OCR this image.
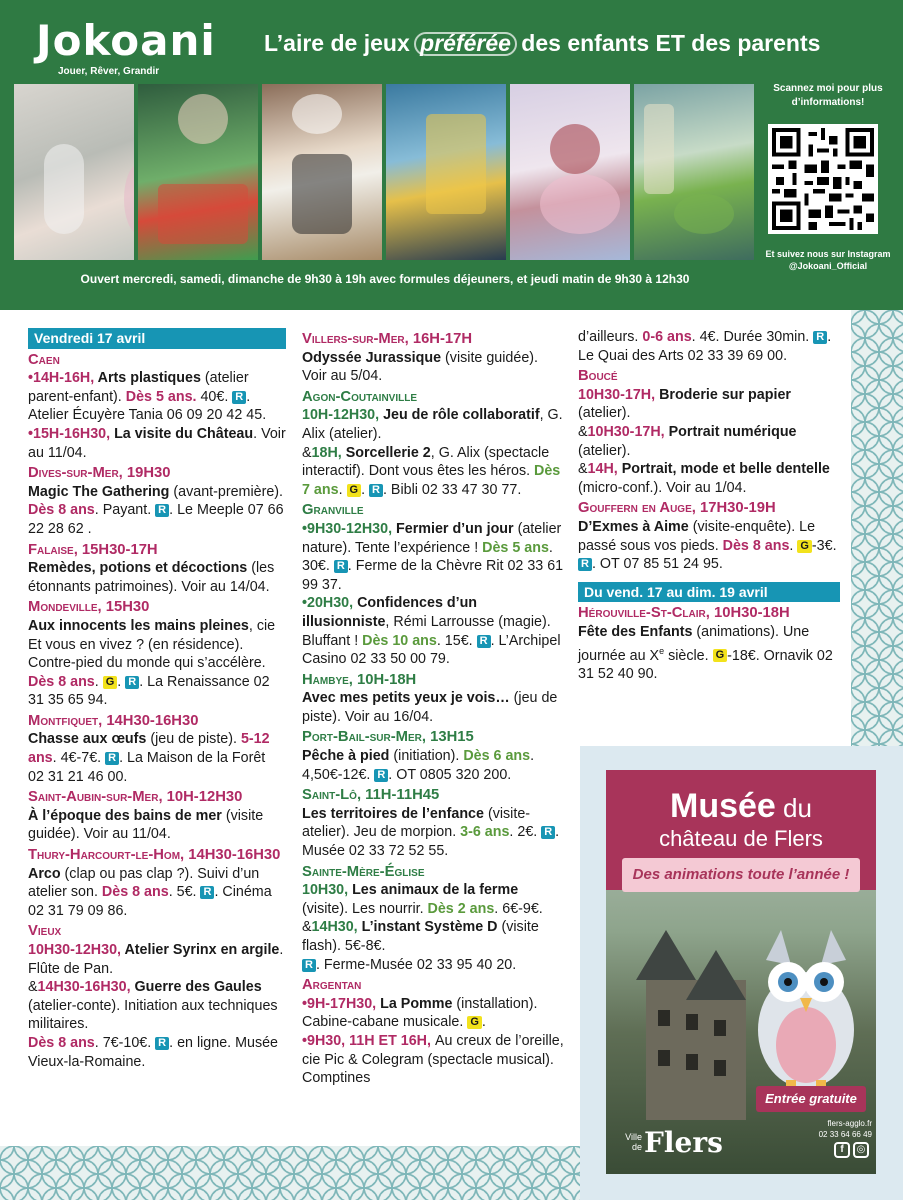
Jokoani
Jouer, Rêver, Grandir
L’aire de jeux préférée des enfants ET des parents
Ouvert mercredi, samedi, dimanche de 9h30 à 19h avec formules déjeuners, et jeudi matin de 9h30 à 12h30
Scannez moi pour plus d’informations!
Et suivez nous sur Instagram @Jokoani_Official
Vendredi 17 avril
Caen
•14H-16H, Arts plastiques (atelier parent-enfant). Dès 5 ans. 40€. R . Atelier Écuyère Tania 06 09 20 42 45.
•15H-16H30, La visite du Château. Voir au 11/04.
Dives-sur-Mer, 19H30
Magic The Gathering (avant-première). Dès 8 ans. Payant. R . Le Meeple 07 66 22 28 62 .
Falaise, 15H30-17H
Remèdes, potions et décoctions (les étonnants patrimoines). Voir au 14/04.
Mondeville, 15H30
Aux innocents les mains pleines, cie Et vous en vivez ? (en résidence). Contre-pied du monde qui s’accélère. Dès 8 ans. G . R . La Renaissance 02 31 35 65 94.
Montfiquet, 14H30-16H30
Chasse aux œufs (jeu de piste). 5-12 ans. 4€-7€. R . La Maison de la Forêt  02 31 21 46 00.
Saint-Aubin-sur-Mer, 10H-12H30
À l’époque des bains de mer (visite guidée). Voir au 11/04.
Thury-Harcourt-le-Hom, 14H30-16H30
Arco (clap ou pas clap ?). Suivi d’un atelier son. Dès 8 ans. 5€. R . Cinéma 02 31 79 09 86.
Vieux
10H30-12H30, Atelier Syrinx en argile. Flûte de Pan.
&14H30-16H30, Guerre des Gaules (atelier-conte). Initiation aux techniques militaires.
Dès 8 ans. 7€-10€. R . en ligne. Musée Vieux-la-Romaine.
Villers-sur-Mer, 16H-17H
Odyssée Jurassique (visite guidée). Voir au 5/04.
Agon-Coutainville
10H-12H30, Jeu de rôle collaboratif, G. Alix (atelier).
&18H, Sorcellerie 2, G. Alix (spectacle interactif). Dont vous êtes les héros. Dès 7 ans. G . R . Bibli 02 33 47 30 77.
Granville
•9H30-12H30, Fermier d’un jour (atelier nature). Tente l’expérience ! Dès 5 ans. 30€. R . Ferme de la Chèvre Rit 02 33 61 99 37.
•20H30, Confidences d’un illusionniste, Rémi Larrousse (magie). Bluffant ! Dès 10 ans. 15€. R . L’Archipel Casino 02 33 50 00 79.
Hambye, 10H-18H
Avec mes petits yeux je vois… (jeu de piste). Voir au 16/04.
Port-Bail-sur-Mer, 13H15
Pêche à pied (initiation). Dès 6 ans. 4,50€-12€. R . OT 0805 320 200.
Saint-Lô, 11H-11H45
Les territoires de l’enfance (visite-atelier). Jeu de morpion. 3-6 ans. 2€. R . Musée 02 33 72 52 55.
Sainte-Mère-Église
10H30, Les animaux de la ferme (visite). Les nourrir. Dès 2 ans. 6€-9€.
&14H30, L’instant Système D (visite flash). 5€-8€.
R . Ferme-Musée 02 33 95 40 20.
Argentan
•9H-17H30, La Pomme (installation). Cabine-cabane musicale. G .
•9H30, 11H ET 16H, Au creux de l’oreille, cie Pic & Colegram (spectacle musical). Comptines
d’ailleurs. 0-6 ans. 4€. Durée 30min. R . Le Quai des Arts 02 33 39 69 00.
Boucé
10H30-17H, Broderie sur papier (atelier).
&10H30-17H, Portrait numérique (atelier).
&14H, Portrait, mode et belle dentelle (micro-conf.). Voir au 1/04.
Gouffern en Auge, 17H30-19H
D’Exmes à Aime (visite-enquête). Le passé sous vos pieds. Dès 8 ans. G -3€. R . OT 07 85 51 24 95.
Du vend. 17 au dim. 19 avril
Hérouville-St-Clair, 10H30-18H
Fête des Enfants (animations). Une journée au Xe siècle. G -18€. Ornavik 02 31 52 40 90.
Musée du
château de Flers
Des animations toute l’année !
Entrée gratuite
flers-agglo.fr
02 33 64 66 49
Ville deFlers	f	◎
